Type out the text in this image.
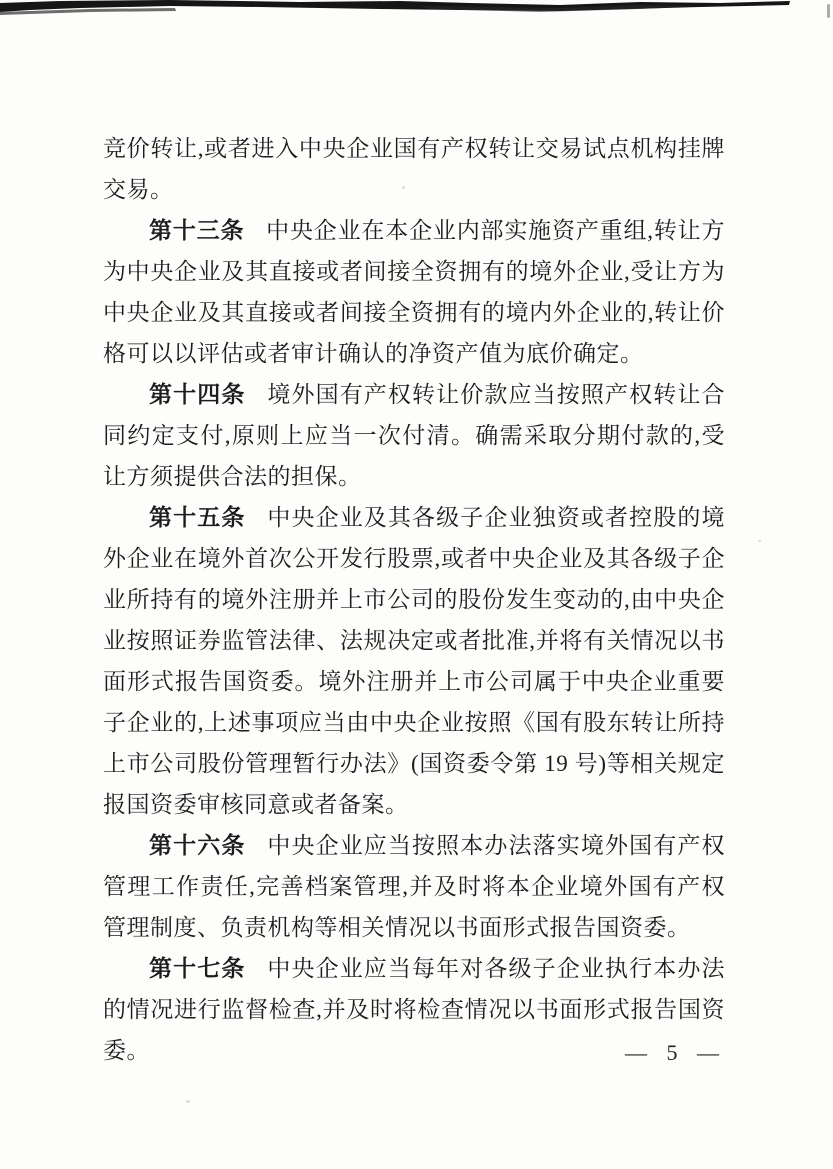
竞价转让,或者进入中央企业国有产权转让交易试点机构挂牌交易。

第十三条 中央企业在本企业内部实施资产重组,转让方为中央企业及其直接或者间接全资拥有的境外企业,受让方为中央企业及其直接或者间接全资拥有的境内外企业的,转让价格可以以评估或者审计确认的净资产值为底价确定。

第十四条 境外国有产权转让价款应当按照产权转让合同约定支付,原则上应当一次付清。确需采取分期付款的,受让方须提供合法的担保。

第十五条 中央企业及其各级子企业独资或者控股的境外企业在境外首次公开发行股票,或者中央企业及其各级子企业所持有的境外注册并上市公司的股份发生变动的,由中央企业按照证券监管法律、法规决定或者批准,并将有关情况以书面形式报告国资委。境外注册并上市公司属于中央企业重要子企业的,上述事项应当由中央企业按照《国有股东转让所持上市公司股份管理暂行办法》(国资委令第 19 号)等相关规定报国资委审核同意或者备案。

第十六条 中央企业应当按照本办法落实境外国有产权管理工作责任,完善档案管理,并及时将本企业境外国有产权管理制度、负责机构等相关情况以书面形式报告国资委。

第十七条 中央企业应当每年对各级子企业执行本办法的情况进行监督检查,并及时将检查情况以书面形式报告国资委。	— 5 —
